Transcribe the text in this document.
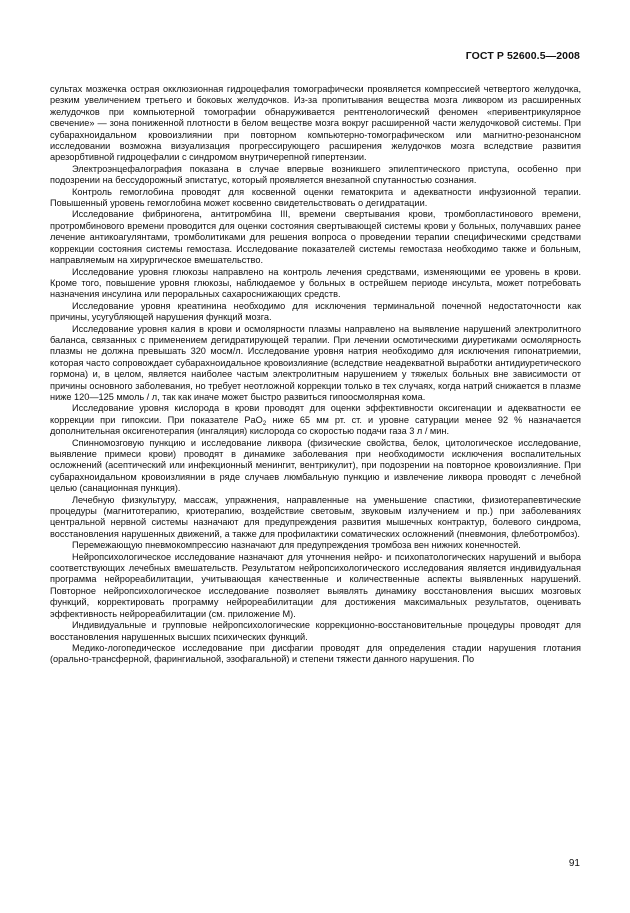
ГОСТ Р 52600.5—2008

сультах мозжечка острая окклюзионная гидроцефалия томографически проявляется компрессией четвертого желудочка, резким увеличением третьего и боковых желудочков. Из-за пропитывания вещества мозга ликвором из расширенных желудочков при компьютерной томографии обнаруживается рентгенологический феномен «перивентрикулярное свечение» — зона пониженной плотности в белом веществе мозга вокруг расширенной части желудочковой системы. При субарахноидальном кровоизлиянии при повторном компьютерно-томографическом или магнитно-резонансном исследовании возможна визуализация прогрессирующего расширения желудочков мозга вследствие развития арезорбтивной гидроцефалии с синдромом внутричерепной гипертензии.

Электроэнцефалография показана в случае впервые возникшего эпилептического приступа, особенно при подозрении на бессудорожный эпистатус, который проявляется внезапной спутанностью сознания.

Контроль гемоглобина проводят для косвенной оценки гематокрита и адекватности инфузионной терапии. Повышенный уровень гемоглобина может косвенно свидетельствовать о дегидратации.

Исследование фибриногена, антитромбина III, времени свертывания крови, тромбопластинового времени, протромбинового времени проводится для оценки состояния свертывающей системы крови у больных, получавших ранее лечение антикоагулянтами, тромболитиками для решения вопроса о проведении терапии специфическими средствами коррекции состояния системы гемостаза. Исследование показателей системы гемостаза необходимо также и больным, направляемым на хирургическое вмешательство.

Исследование уровня глюкозы направлено на контроль лечения средствами, изменяющими ее уровень в крови. Кроме того, повышение уровня глюкозы, наблюдаемое у больных в острейшем периоде инсульта, может потребовать назначения инсулина или пероральных сахароснижающих средств.

Исследование уровня креатинина необходимо для исключения терминальной почечной недостаточности как причины, усугубляющей нарушения функций мозга.

Исследование уровня калия в крови и осмолярности плазмы направлено на выявление нарушений электролитного баланса, связанных с применением дегидратирующей терапии. При лечении осмотическими диуретиками осмолярность плазмы не должна превышать 320 мосм/л. Исследование уровня натрия необходимо для исключения гипонатриемии, которая часто сопровождает субарахноидальное кровоизлияние (вследствие неадекватной выработки антидиуретического гормона) и, в целом, является наиболее частым электролитным нарушением у тяжелых больных вне зависимости от причины основного заболевания, но требует неотложной коррекции только в тех случаях, когда натрий снижается в плазме ниже 120—125 ммоль / л, так как иначе может быстро развиться гипоосмолярная кома.

Исследование уровня кислорода в крови проводят для оценки эффективности оксигенации и адекватности ее коррекции при гипоксии. При показателе PaO$_2$ ниже 65 мм рт. ст. и уровне сатурации менее 92 % назначается дополнительная оксигенотерапия (ингаляция) кислорода со скоростью подачи газа 3 л / мин.

Спинномозговую пункцию и исследование ликвора (физические свойства, белок, цитологическое исследование, выявление примеси крови) проводят в динамике заболевания при необходимости исключения воспалительных осложнений (асептический или инфекционный менингит, вентрикулит), при подозрении на повторное кровоизлияние. При субарахноидальном кровоизлиянии в ряде случаев люмбальную пункцию и извлечение ликвора проводят с лечебной целью (санационная пункция).

Лечебную физкультуру, массаж, упражнения, направленные на уменьшение спастики, физиотерапевтические процедуры (магнитотерапию, криотерапию, воздействие световым, звуковым излучением и пр.) при заболеваниях центральной нервной системы назначают для предупреждения развития мышечных контрактур, болевого синдрома, восстановления нарушенных движений, а также для профилактики соматических осложнений (пневмония, флеботромбоз).

Перемежающую пневмокомпрессию назначают для предупреждения тромбоза вен нижних конечностей.

Нейропсихологическое исследование назначают для уточнения нейро- и психопатологических нарушений и выбора соответствующих лечебных вмешательств. Результатом нейропсихологического исследования является индивидуальная программа нейрореабилитации, учитывающая качественные и количественные аспекты выявленных нарушений. Повторное нейропсихологическое исследование позволяет выявлять динамику восстановления высших мозговых функций, корректировать программу нейрореабилитации для достижения максимальных результатов, оценивать эффективность нейрореабилитации (см. приложение М).

Индивидуальные и групповые нейропсихологические коррекционно-восстановительные процедуры проводят для восстановления нарушенных высших психических функций.

Медико-логопедическое исследование при дисфагии проводят для определения стадии нарушения глотания (орально-трансферной, фарингиальной, эзофагальной) и степени тяжести данного нарушения. По

91
